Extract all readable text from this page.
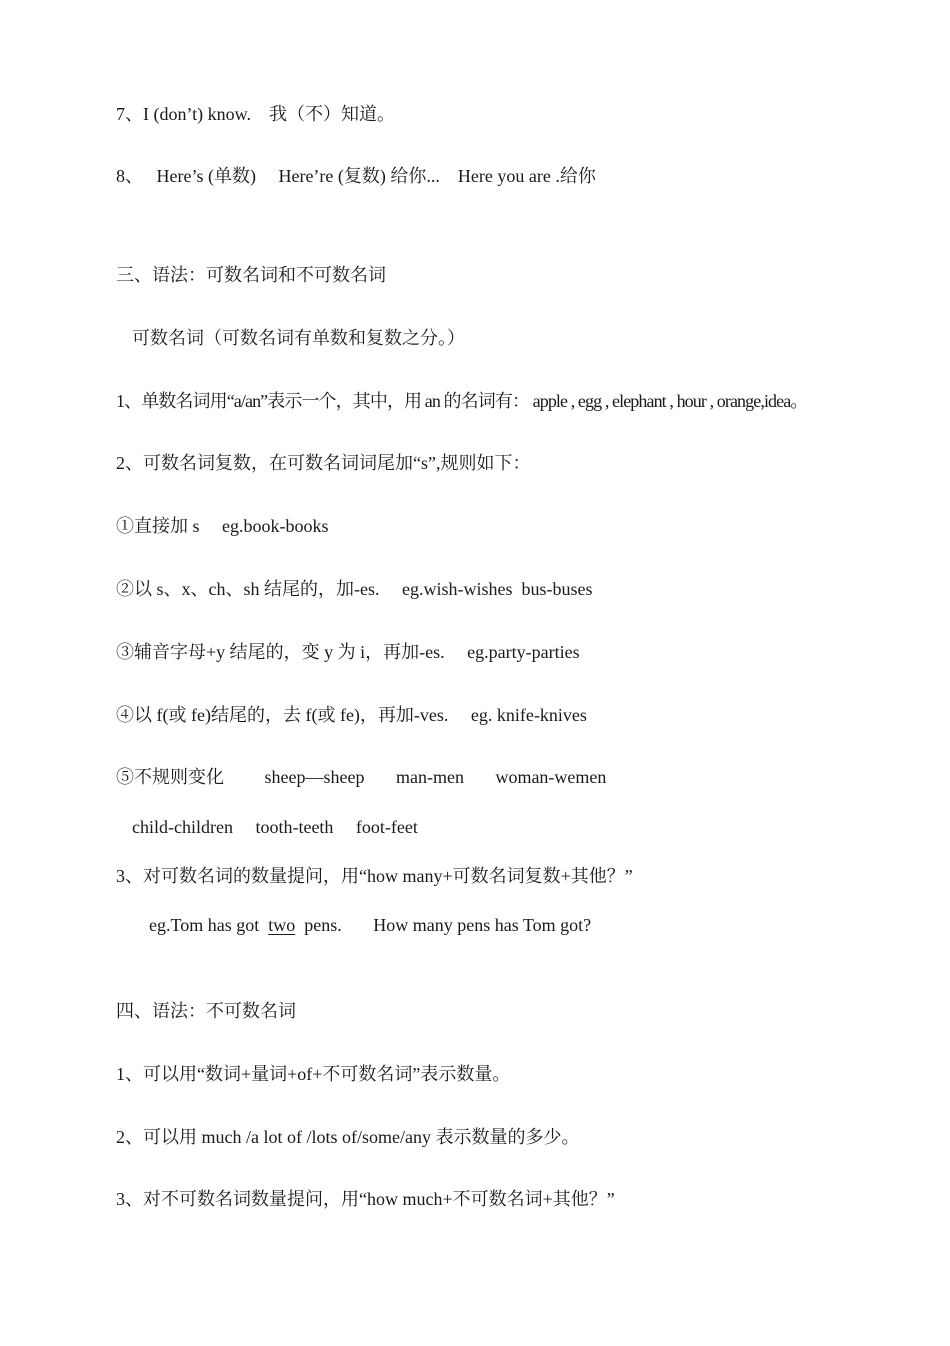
7、I (don’t) know.    我（不）知道。
8、   Here’s (单数)     Here’re (复数) 给你...    Here you are .给你
三、语法：可数名词和不可数名词
可数名词（可数名词有单数和复数之分。）
1、单数名词用“a/an”表示一个，其中，用 an 的名词有： apple , egg , elephant , hour , orange,idea。
2、可数名词复数，在可数名词词尾加“s”,规则如下：
①直接加 s     eg.book-books
②以 s、x、ch、sh 结尾的，加-es.     eg.wish-wishes  bus-buses
③辅音字母+y 结尾的，变 y 为 i，再加-es.     eg.party-parties
④以 f(或 fe)结尾的，去 f(或 fe)，再加-ves.     eg. knife-knives
⑤不规则变化         sheep—sheep       man-men       woman-wemen
child-children     tooth-teeth     foot-feet
3、对可数名词的数量提问，用“how many+可数名词复数+其他？”
eg.Tom has got  two  pens.       How many pens has Tom got?
四、语法：不可数名词
1、可以用“数词+量词+of+不可数名词”表示数量。
2、可以用 much /a lot of /lots of/some/any 表示数量的多少。
3、对不可数名词数量提问，用“how much+不可数名词+其他？”
